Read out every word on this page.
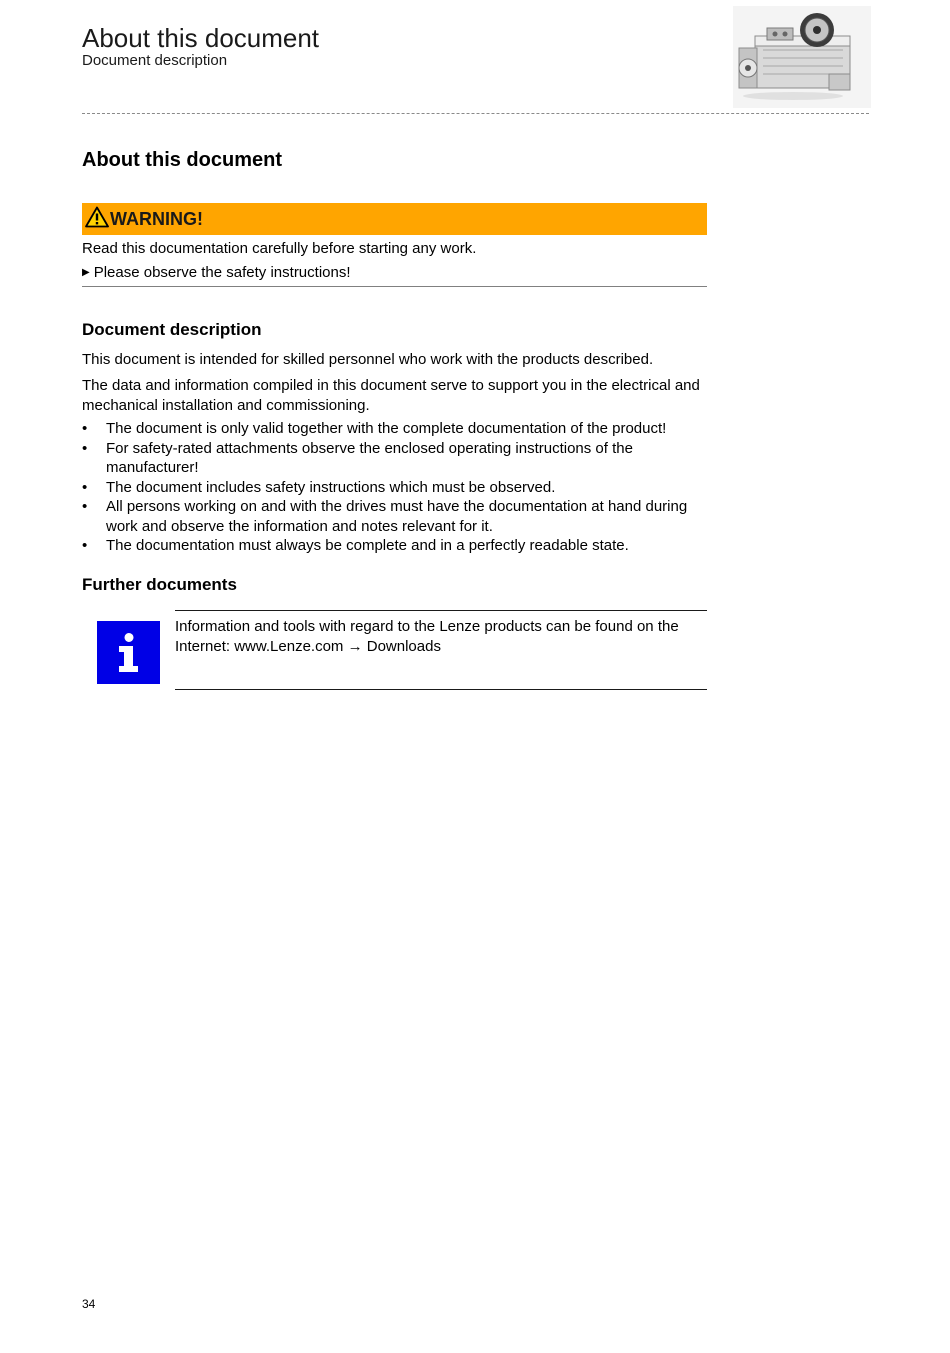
About this document
Document description
About this document
WARNING!
Read this documentation carefully before starting any work.
▶ Please observe the safety instructions!
Document description
This document is intended for skilled personnel who work with the products described.
The data and information compiled in this document serve to support you in the electrical and mechanical installation and commissioning.
• The document is only valid together with the complete documentation of the product!
• For safety-rated attachments observe the enclosed operating instructions of the manufacturer!
• The document includes safety instructions which must be observed.
• All persons working on and with the drives must have the documentation at hand during work and observe the information and notes relevant for it.
• The documentation must always be complete and in a perfectly readable state.
Further documents
Information and tools with regard to the Lenze products can be found on the Internet: www.Lenze.com → Downloads
34
